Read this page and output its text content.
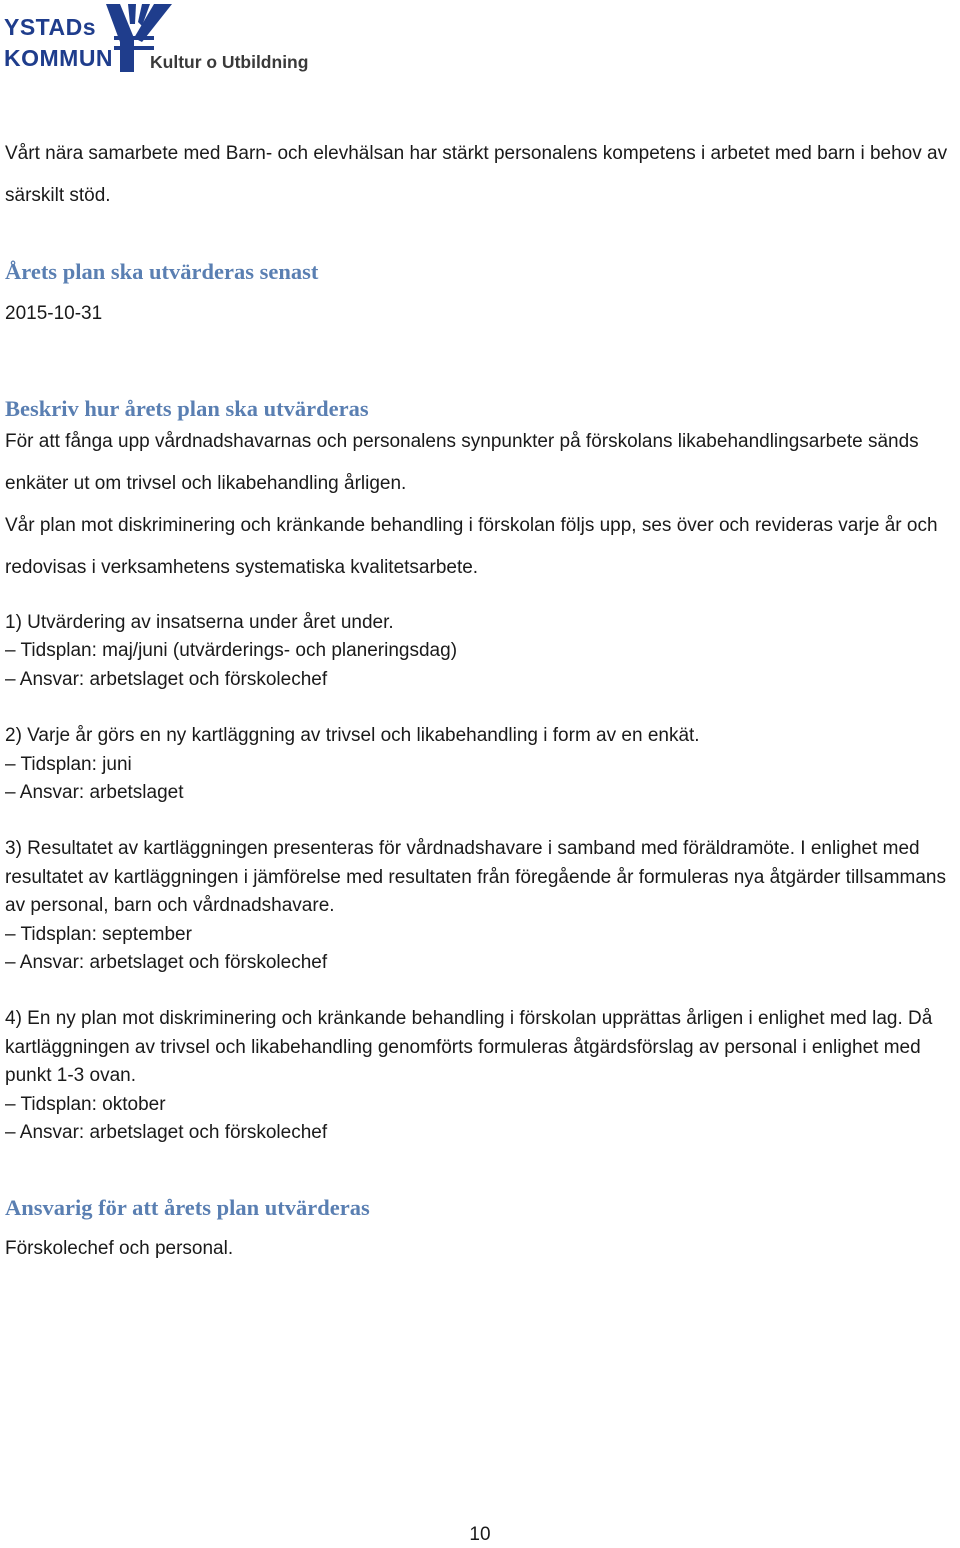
YSTADs
KOMMUN Kultur o Utbildning

Vårt nära samarbete med Barn- och elevhälsan har stärkt personalens kompetens i arbetet med barn i behov av särskilt stöd.

Årets plan ska utvärderas senast

2015-10-31

Beskriv hur årets plan ska utvärderas

För att fånga upp vårdnadshavarnas och personalens synpunkter på förskolans likabehandlingsarbete sänds enkäter ut om trivsel och likabehandling årligen.

Vår plan mot diskriminering och kränkande behandling i förskolan följs upp, ses över och revideras varje år och redovisas i verksamhetens systematiska kvalitetsarbete.

1) Utvärdering av insatserna under året under.

– Tidsplan: maj/juni (utvärderings- och planeringsdag)

– Ansvar: arbetslaget och förskolechef

2) Varje år görs en ny kartläggning av trivsel och likabehandling i form av en enkät.

– Tidsplan: juni

– Ansvar: arbetslaget

3) Resultatet av kartläggningen presenteras för vårdnadshavare i samband med föräldramöte. I enlighet med resultatet av kartläggningen i jämförelse med resultaten från föregående år formuleras nya åtgärder tillsammans av personal, barn och vårdnadshavare.

– Tidsplan: september

– Ansvar: arbetslaget och förskolechef

4) En ny plan mot diskriminering och kränkande behandling i förskolan upprättas årligen i enlighet med lag. Då kartläggningen av trivsel och likabehandling genomförts formuleras åtgärdsförslag av personal i enlighet med punkt 1-3 ovan.

– Tidsplan: oktober

– Ansvar: arbetslaget och förskolechef

Ansvarig för att årets plan utvärderas

Förskolechef och personal.

10
